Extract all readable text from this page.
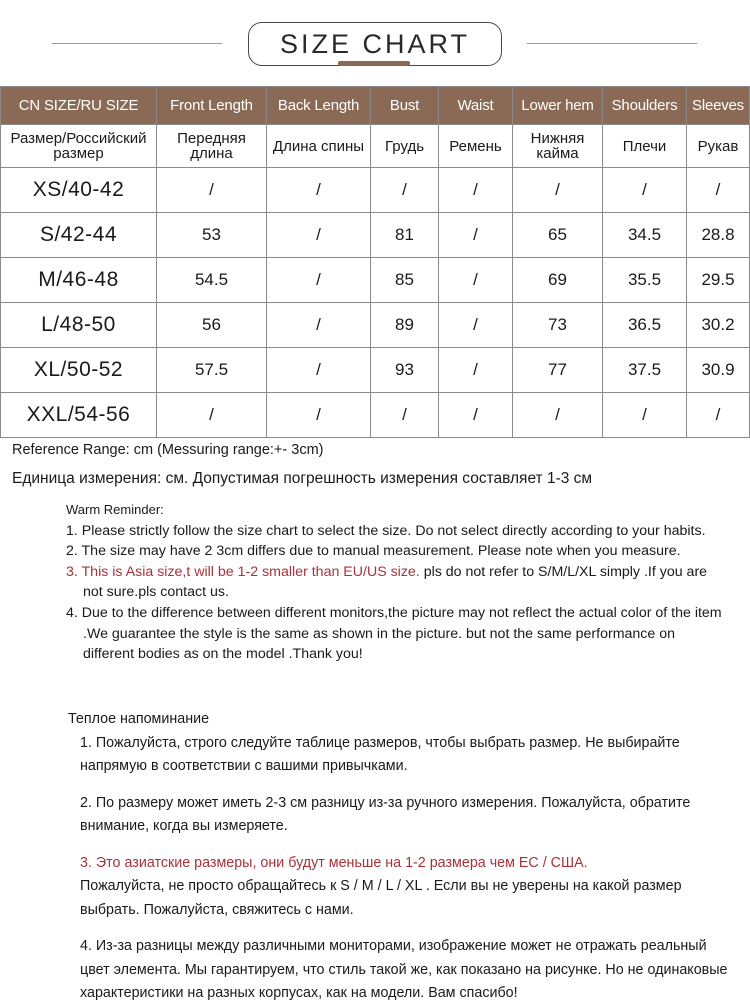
SIZE CHART
CN SIZE/RU SIZE	Front Length	Back Length	Bust	Waist	Lower hem	Shoulders	Sleeves
Размер/Российский размер	Передняя длина	Длина спины	Грудь	Ремень	Нижняя кайма	Плечи	Рукав
XS/40-42	/	/	/	/	/	/	/
S/42-44	53	/	81	/	65	34.5	28.8
M/46-48	54.5	/	85	/	69	35.5	29.5
L/48-50	56	/	89	/	73	36.5	30.2
XL/50-52	57.5	/	93	/	77	37.5	30.9
XXL/54-56	/	/	/	/	/	/	/
Reference Range: cm (Messuring range:+- 3cm)
Единица измерения: см. Допустимая погрешность измерения составляет 1-3 см
Warm Reminder:
1. Please strictly follow the size chart to select the size. Do not select directly according to your habits.
2. The size may have 2 3cm differs due to manual measurement. Please note when you measure.
3. This is Asia size,t will be 1-2 smaller than EU/US size. pls do not refer to S/M/L/XL simply .If you are not sure.pls contact us.
4. Due to the difference between different monitors,the picture may not reflect the actual color of the item .We guarantee the style is the same as shown in the picture. but not the same performance on different bodies as on the model .Thank you!
Теплое напоминание
1. Пожалуйста, строго следуйте таблице размеров, чтобы выбрать размер. Не выбирайте напрямую в соответствии с вашими привычками.
2. По размеру может иметь 2-3 см разницу из-за ручного измерения. Пожалуйста, обратите внимание, когда вы измеряете.
3. Это азиатские размеры, они будут меньше на 1-2 размера чем ЕС / США.
Пожалуйста, не просто обращайтесь к S / M / L / XL . Если вы не уверены на какой размер выбрать. Пожалуйста, свяжитесь с нами.
4. Из-за разницы между различными мониторами, изображение может не отражать реальный цвет элемента. Мы гарантируем, что стиль такой же, как показано на рисунке. Но не одинаковые характеристики на разных корпусах, как на модели. Вам спасибо!
